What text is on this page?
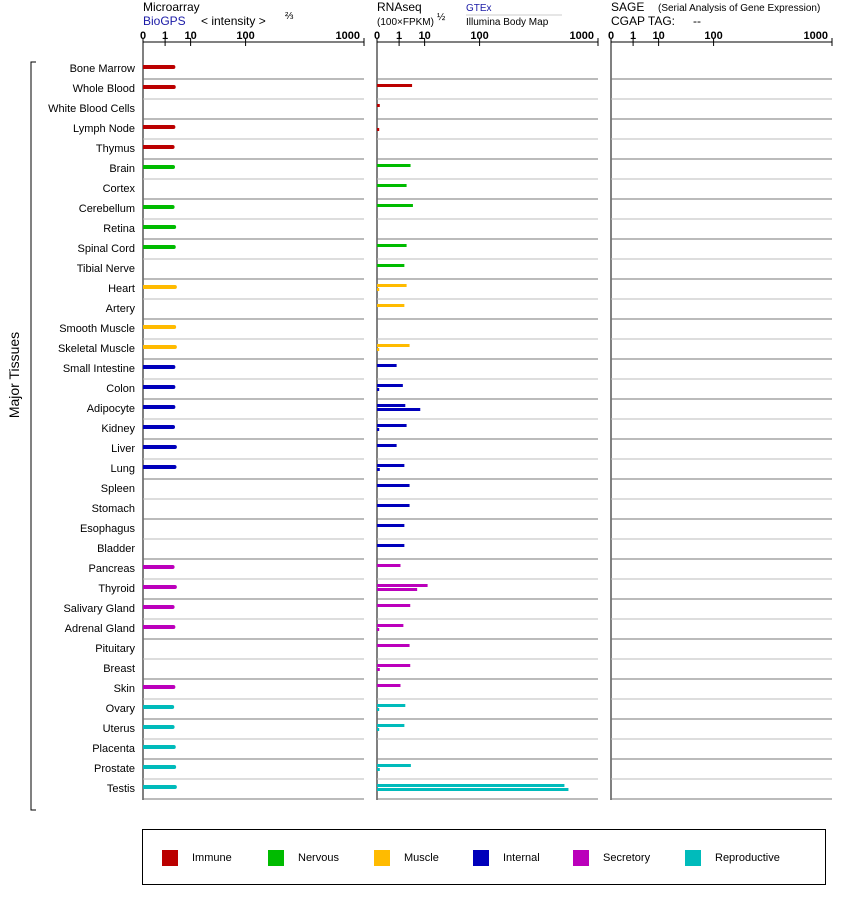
Microarray
BioGPS < intensity > ⅔
RNAseq
(100×FPKM) ½
GTEx
Illumina Body Map
SAGE (Serial Analysis of Gene Expression)
CGAP TAG: --
Major Tissues
0 1 10	100	1000 0 1 10	100	1000 0 1 10	100	1000
Bone Marrow
Whole Blood
White Blood Cells
Lymph Node
Thymus
Brain
Cortex
Cerebellum
Retina
Spinal Cord
Tibial Nerve
Heart
Artery
Smooth Muscle
Skeletal Muscle
Small Intestine
Colon
Adipocyte
Kidney
Liver
Lung
Spleen
Stomach
Esophagus
Bladder
Pancreas
Thyroid
Salivary Gland
Adrenal Gland
Pituitary
Breast
Skin
Ovary
Uterus
Placenta
Prostate
Testis
Immune	Nervous	Muscle	Internal	Secretory	Reproductive
